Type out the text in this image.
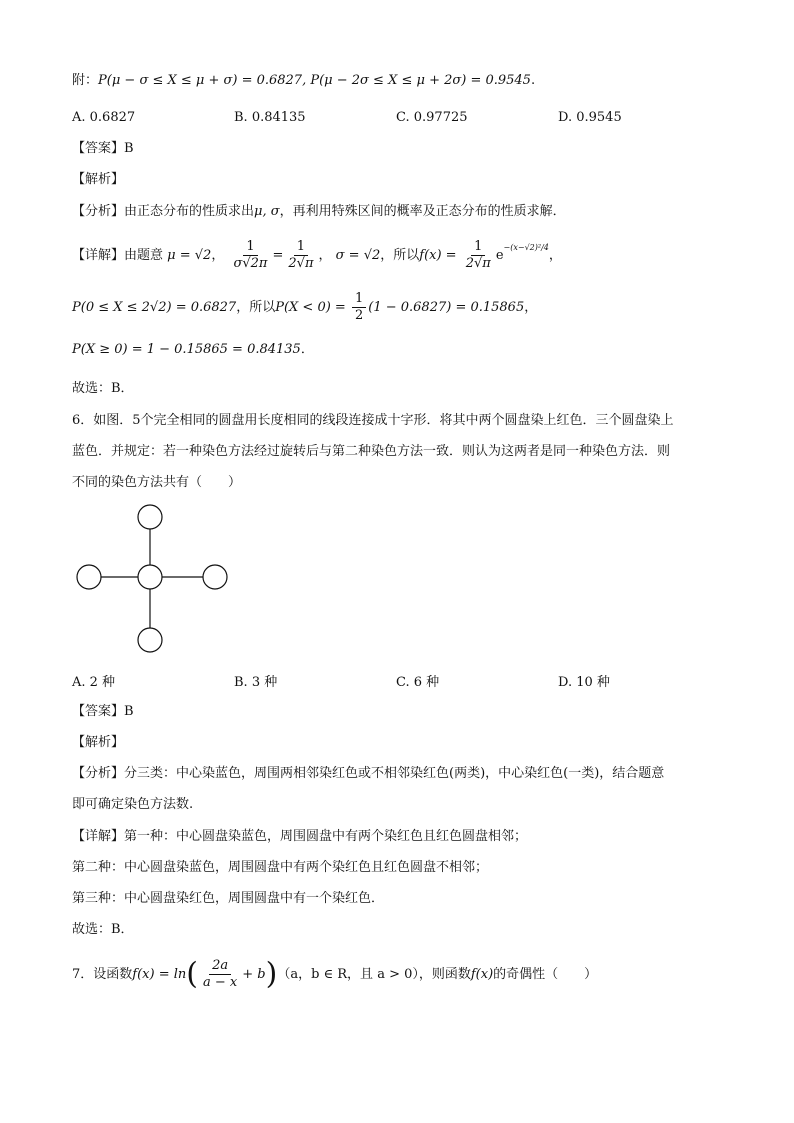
附：P(μ − σ ≤ X ≤ μ + σ) = 0.6827, P(μ − 2σ ≤ X ≤ μ + 2σ) = 0.9545.
A. 0.6827	B. 0.84135	C. 0.97725	D. 0.9545
【答案】B
【解析】
【分析】由正态分布的性质求出μ, σ，再利用特殊区间的概率及正态分布的性质求解．
【详解】由题意 μ = √2， $\frac{1}{\sigma√2\pi} = \frac{1}{2√\pi}$ ， σ = √2，所以$f(x) = \frac{1}{2√\pi} e^{-(x-√2)^2/4}$，
P(0 ≤ X ≤ 2√2) = 0.6827，所以$P(X < 0) = \frac{1}{2} (1 - 0.6827) = 0.15865$，
P(X ≥ 0) = 1 − 0.15865 = 0.84135．
故选：B．
6．如图．5个完全相同的圆盘用长度相同的线段连接成十字形．将其中两个圆盘染上红色．三个圆盘染上
蓝色．并规定：若一种染色方法经过旋转后与第二种染色方法一致．则认为这两者是同一种染色方法．则
不同的染色方法共有（　　）
A. 2 种	B. 3 种	C. 6 种	D. 10 种
【答案】B
【解析】
【分析】分三类：中心染蓝色，周围两相邻染红色或不相邻染红色(两类)，中心染红色(一类)，结合题意
即可确定染色方法数.
【详解】第一种：中心圆盘染蓝色，周围圆盘中有两个染红色且红色圆盘相邻；
第二种：中心圆盘染蓝色，周围圆盘中有两个染红色且红色圆盘不相邻；
第三种：中心圆盘染红色，周围圆盘中有一个染红色．
故选：B．
7．设函数$f(x) = \ln( \frac{2a}{a - x} + b)(a$，b ∈ R，且 a > 0），则函数f(x)的奇偶性（　　）
